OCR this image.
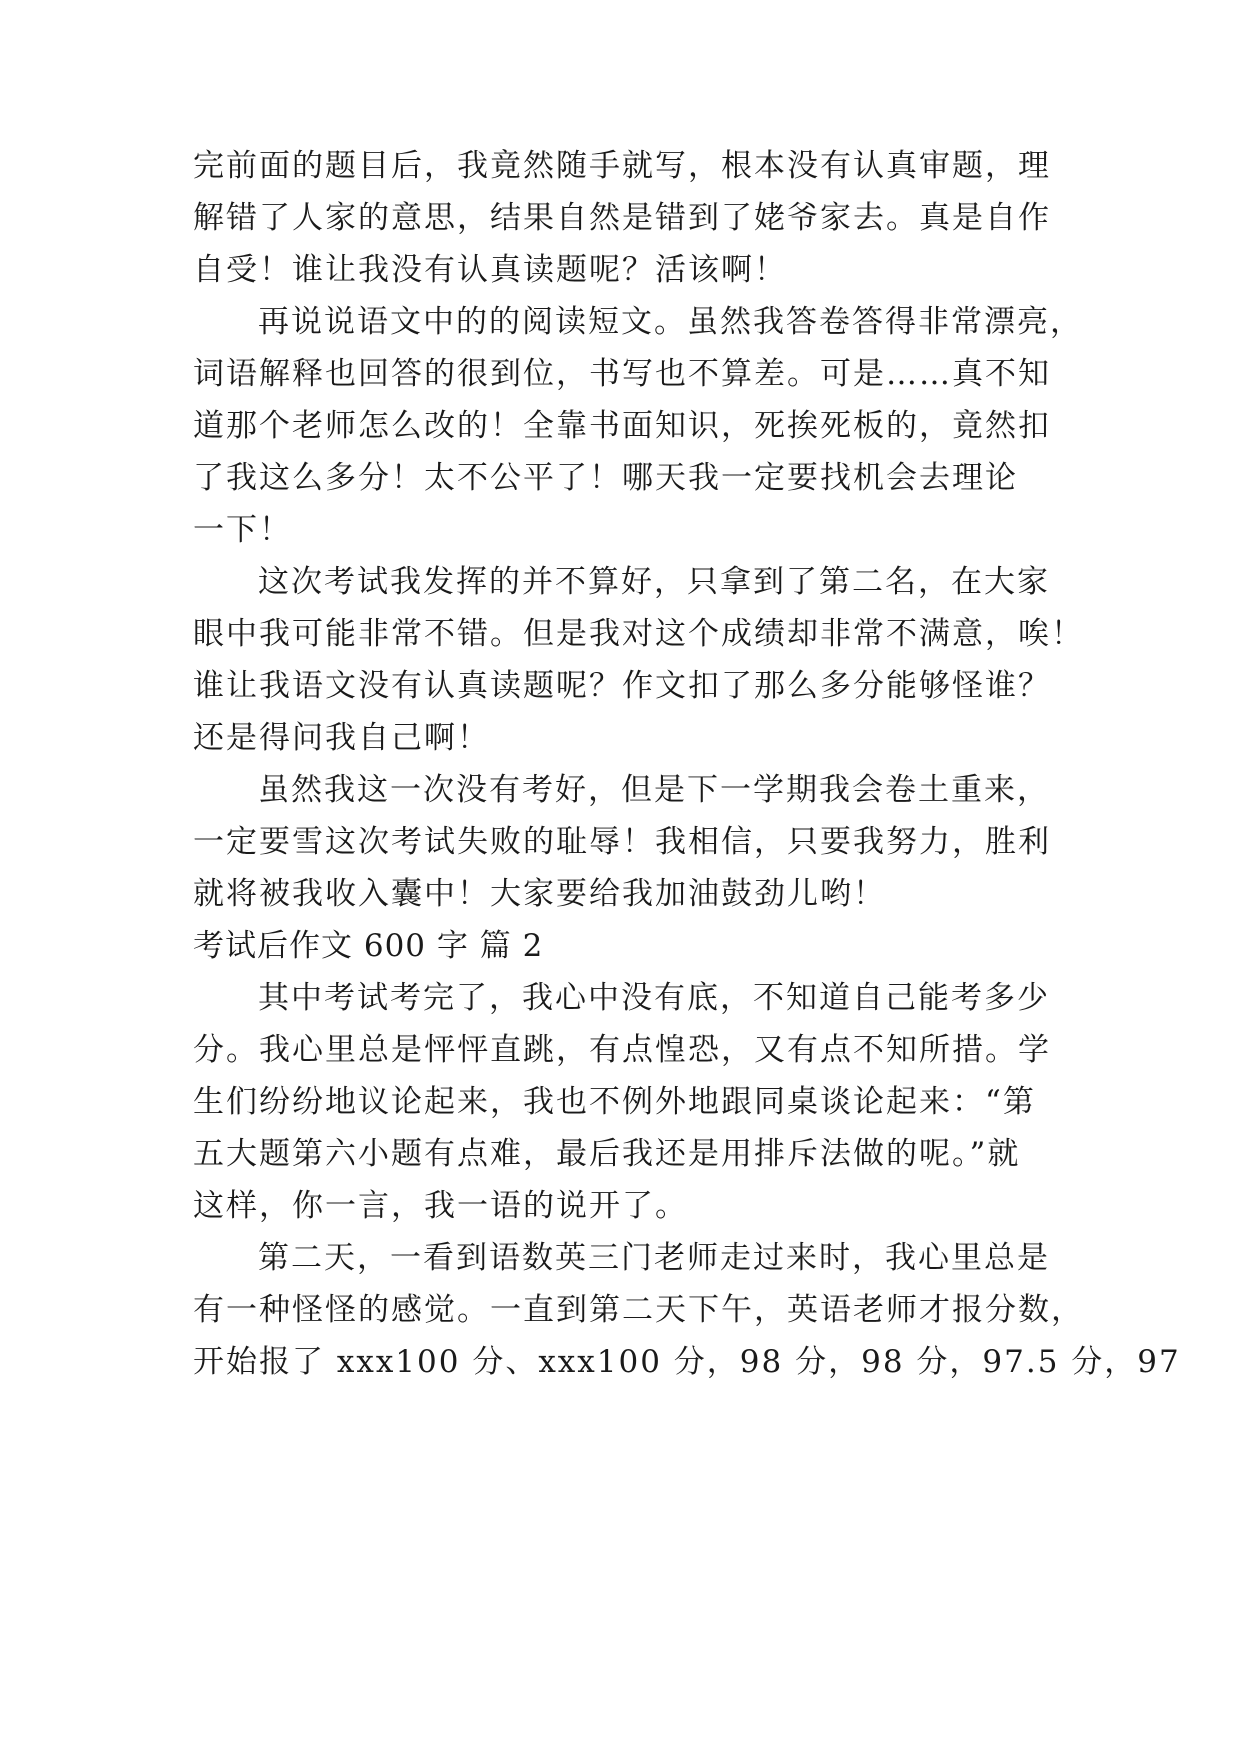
完前面的题目后，我竟然随手就写，根本没有认真审题，理
解错了人家的意思，结果自然是错到了姥爷家去。真是自作
自受！谁让我没有认真读题呢？活该啊！
再说说语文中的的阅读短文。虽然我答卷答得非常漂亮，
词语解释也回答的很到位，书写也不算差。可是……真不知
道那个老师怎么改的！全靠书面知识，死挨死板的，竟然扣
了我这么多分！太不公平了！哪天我一定要找机会去理论
一下！
这次考试我发挥的并不算好，只拿到了第二名，在大家
眼中我可能非常不错。但是我对这个成绩却非常不满意，唉！
谁让我语文没有认真读题呢？作文扣了那么多分能够怪谁？
还是得问我自己啊！
虽然我这一次没有考好，但是下一学期我会卷土重来，
一定要雪这次考试失败的耻辱！我相信，只要我努力，胜利
就将被我收入囊中！大家要给我加油鼓劲儿哟！
考试后作文 600 字 篇 2
其中考试考完了，我心中没有底，不知道自己能考多少
分。我心里总是怦怦直跳，有点惶恐，又有点不知所措。学
生们纷纷地议论起来，我也不例外地跟同桌谈论起来：“第
五大题第六小题有点难，最后我还是用排斥法做的呢。”就
这样，你一言，我一语的说开了。
第二天，一看到语数英三门老师走过来时，我心里总是
有一种怪怪的感觉。一直到第二天下午，英语老师才报分数，
开始报了 xxx100 分、xxx100 分，98 分，98 分，97.5 分，97
